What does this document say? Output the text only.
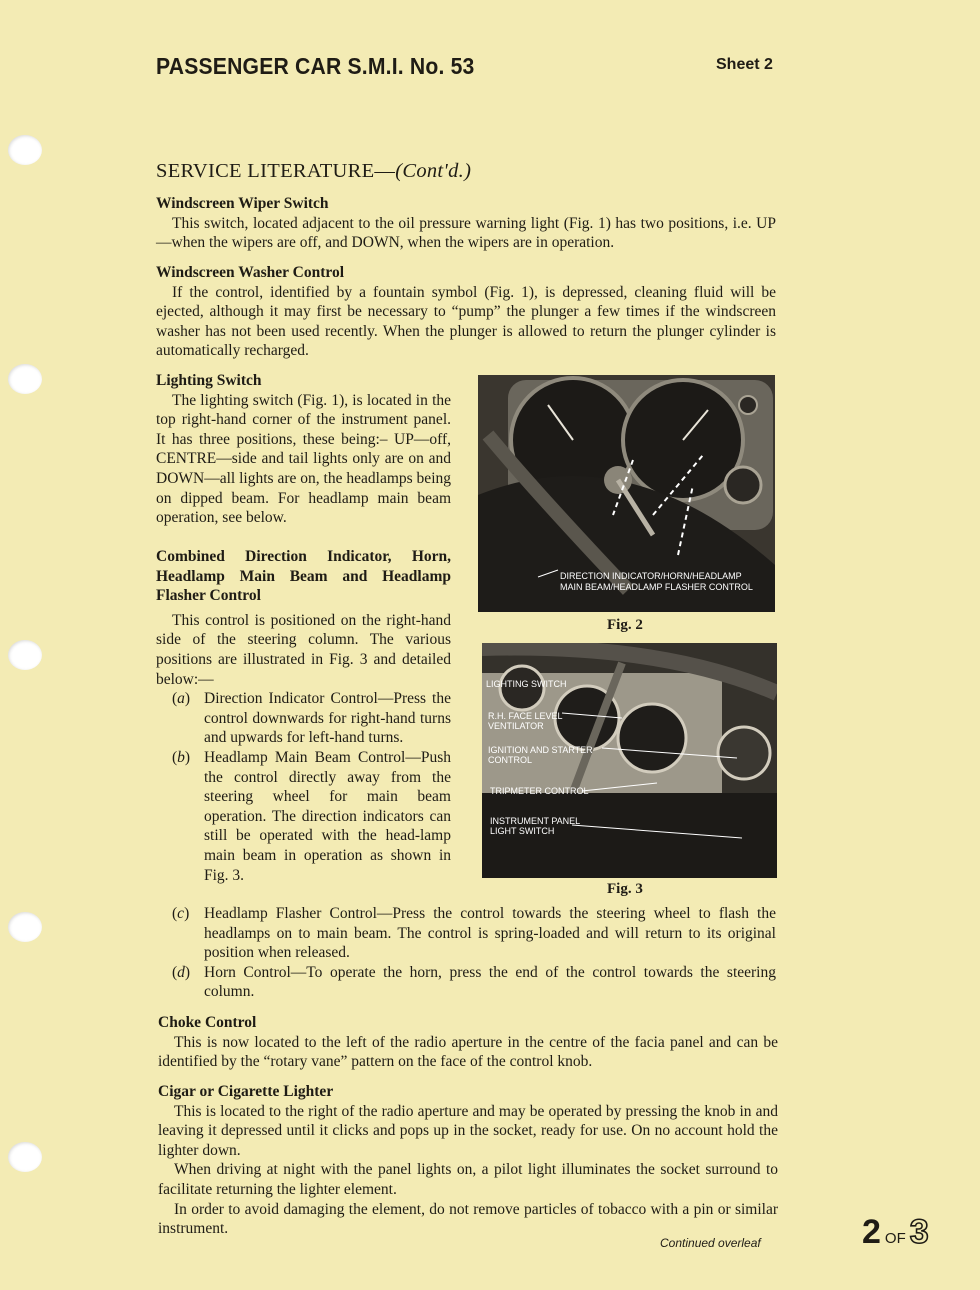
PASSENGER CAR S.M.I. No. 53	Sheet 2
SERVICE LITERATURE—(Cont'd.)
Windscreen Wiper Switch

This switch, located adjacent to the oil pressure warning light (Fig. 1) has two positions, i.e. UP—when the wipers are off, and DOWN, when the wipers are in operation.

Windscreen Washer Control

If the control, identified by a fountain symbol (Fig. 1), is depressed, cleaning fluid will be ejected, although it may first be necessary to “pump” the plunger a few times if the windscreen washer has not been used recently. When the plunger is allowed to return the plunger cylinder is automatically recharged.

Lighting Switch

The lighting switch (Fig. 1), is located in the top right-hand corner of the instrument panel. It has three positions, these being:– UP—off, CENTRE—side and tail lights only are on and DOWN—all lights are on, the headlamps being on dipped beam. For headlamp main beam operation, see below.

Combined Direction Indicator, Horn, Headlamp Main Beam and Headlamp Flasher Control

This control is positioned on the right-hand side of the steering column. The various positions are illustrated in Fig. 3 and detailed below:—

(a) Direction Indicator Control—Press the control downwards for right-hand turns and upwards for left-hand turns.
(b) Headlamp Main Beam Control—Push the control directly away from the steering wheel for main beam operation. The direction indicators can still be operated with the head-lamp main beam in operation as shown in Fig. 3.
(c) Headlamp Flasher Control—Press the control towards the steering wheel to flash the headlamps on to main beam. The control is spring-loaded and will return to its original position when released.
(d) Horn Control—To operate the horn, press the end of the control towards the steering column.
Choke Control

This is now located to the left of the radio aperture in the centre of the facia panel and can be identified by the “rotary vane” pattern on the face of the control knob.

Cigar or Cigarette Lighter

This is located to the right of the radio aperture and may be operated by pressing the knob in and leaving it depressed until it clicks and pops up in the socket, ready for use. On no account hold the lighter down.

When driving at night with the panel lights on, a pilot light illuminates the socket surround to facilitate returning the lighter element.

In order to avoid damaging the element, do not remove particles of tobacco with a pin or similar instrument.

DIRECTION INDICATOR/HORN/HEADLAMP
MAIN BEAM/HEADLAMP FLASHER CONTROL
Fig. 2
LIGHTING SWITCH
R.H. FACE LEVEL
VENTILATOR
IGNITION AND STARTER
CONTROL
TRIPMETER CONTROL
INSTRUMENT PANEL
LIGHT SWITCH
Fig. 3
Continued overleaf	2 OF 3
